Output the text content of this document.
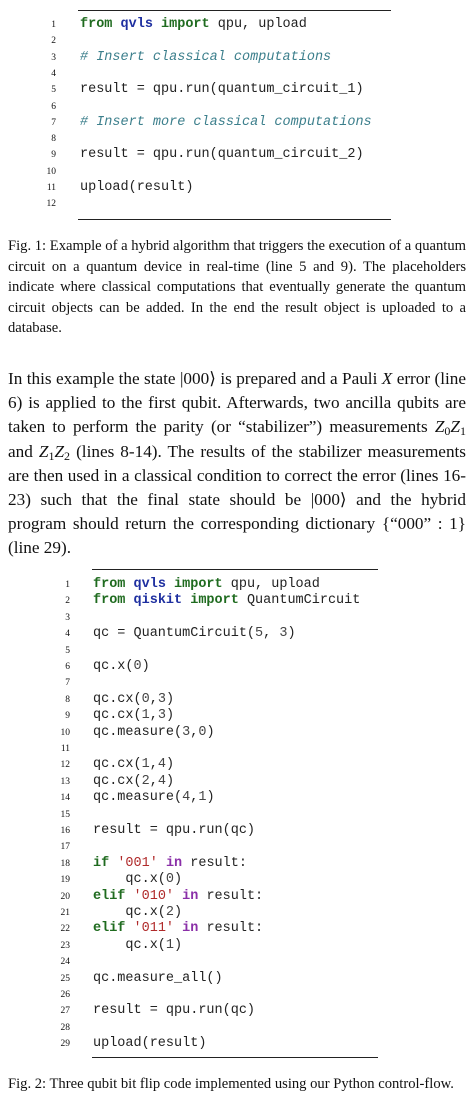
1 from qvls import qpu, upload
2
3 # Insert classical computations
4
5 result = qpu.run(quantum_circuit_1)
6
7 # Insert more classical computations
8
9 result = qpu.run(quantum_circuit_2)
10
11 upload(result)
12
Fig. 1: Example of a hybrid algorithm that triggers the execution of a quantum circuit on a quantum device in real-time (line 5 and 9). The placeholders indicate where classical computations that eventually generate the quantum circuit objects can be added. In the end the result object is uploaded to a database.
In this example the state |000⟩ is prepared and a Pauli X error (line 6) is applied to the first qubit. Afterwards, two ancilla qubits are taken to perform the parity (or “stabilizer”) measurements $Z_0Z_1$ and $Z_1Z_2$ (lines 8-14). The results of the stabilizer measurements are then used in a classical condition to correct the error (lines 16-23) such that the final state should be |000⟩ and the hybrid program should return the corresponding dictionary {“000” : 1} (line 29).
1 from qvls import qpu, upload
2 from qiskit import QuantumCircuit
3
4 qc = QuantumCircuit(5, 3)
5
6 qc.x(0)
7
8 qc.cx(0,3)
9 qc.cx(1,3)
10 qc.measure(3,0)
11
12 qc.cx(1,4)
13 qc.cx(2,4)
14 qc.measure(4,1)
15
16 result = qpu.run(qc)
17
18 if '001' in result:
19 qc.x(0)
20 elif '010' in result:
21 qc.x(2)
22 elif '011' in result:
23 qc.x(1)
24
25 qc.measure_all()
26
27 result = qpu.run(qc)
28
29 upload(result)
Fig. 2: Three qubit bit flip code implemented using our Python control-flow.
